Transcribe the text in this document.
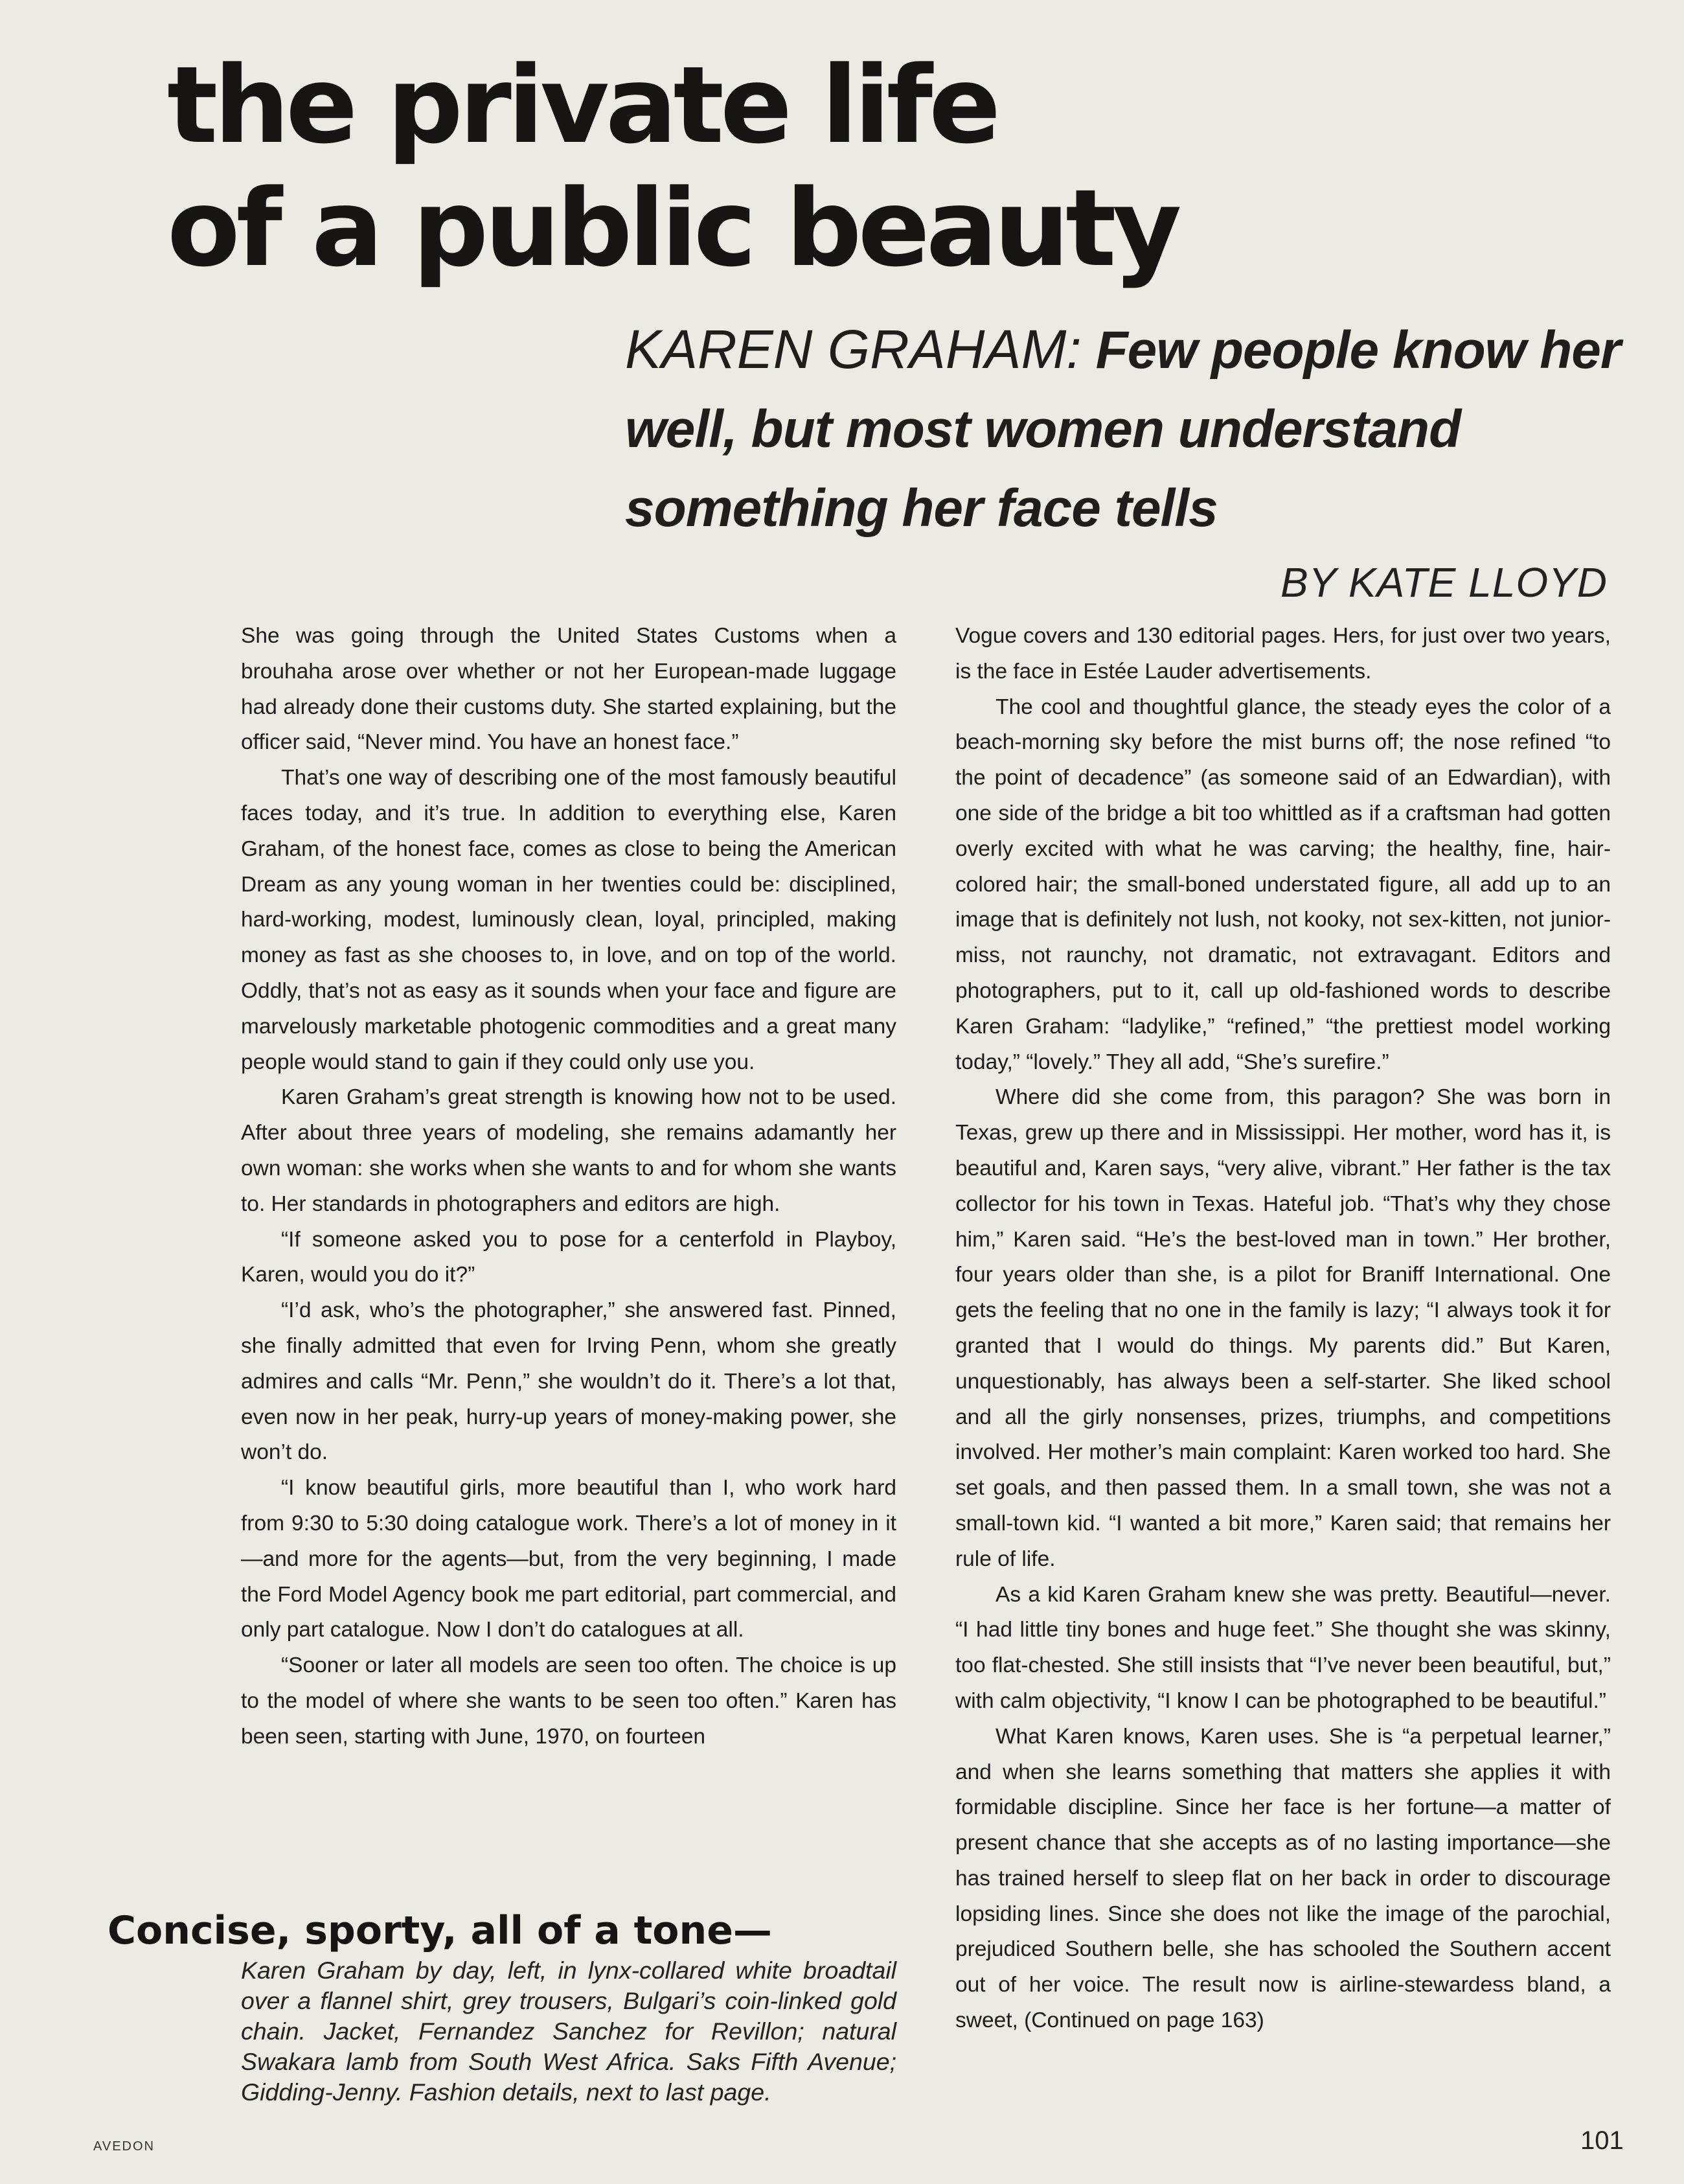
the private life
of a public beauty
KAREN GRAHAM: Few people know her well, but most women understand something her face tells
BY KATE LLOYD

She was going through the United States Customs when a brouhaha arose over whether or not her European-made luggage had already done their customs duty. She started explaining, but the officer said, “Never mind. You have an honest face.”

That’s one way of describing one of the most famously beautiful faces today, and it’s true. In addition to everything else, Karen Graham, of the honest face, comes as close to being the American Dream as any young woman in her twenties could be: disciplined, hard-working, modest, luminously clean, loyal, principled, making money as fast as she chooses to, in love, and on top of the world. Oddly, that’s not as easy as it sounds when your face and figure are marvelously marketable photogenic commodities and a great many people would stand to gain if they could only use you.

Karen Graham’s great strength is knowing how not to be used. After about three years of modeling, she remains adamantly her own woman: she works when she wants to and for whom she wants to. Her standards in photographers and editors are high.

“If someone asked you to pose for a centerfold in Playboy, Karen, would you do it?”

“I’d ask, who’s the photographer,” she answered fast. Pinned, she finally admitted that even for Irving Penn, whom she greatly admires and calls “Mr. Penn,” she wouldn’t do it. There’s a lot that, even now in her peak, hurry-up years of money-making power, she won’t do.

“I know beautiful girls, more beautiful than I, who work hard from 9:30 to 5:30 doing catalogue work. There’s a lot of money in it—and more for the agents—but, from the very beginning, I made the Ford Model Agency book me part editorial, part commercial, and only part catalogue. Now I don’t do catalogues at all.

“Sooner or later all models are seen too often. The choice is up to the model of where she wants to be seen too often.” Karen has been seen, starting with June, 1970, on fourteen

Vogue covers and 130 editorial pages. Hers, for just over two years, is the face in Estée Lauder advertisements.

The cool and thoughtful glance, the steady eyes the color of a beach-morning sky before the mist burns off; the nose refined “to the point of decadence” (as someone said of an Edwardian), with one side of the bridge a bit too whittled as if a craftsman had gotten overly excited with what he was carving; the healthy, fine, hair-colored hair; the small-boned understated figure, all add up to an image that is definitely not lush, not kooky, not sex-kitten, not junior-miss, not raunchy, not dramatic, not extravagant. Editors and photographers, put to it, call up old-fashioned words to describe Karen Graham: “ladylike,” “refined,” “the prettiest model working today,” “lovely.” They all add, “She’s surefire.”

Where did she come from, this paragon? She was born in Texas, grew up there and in Mississippi. Her mother, word has it, is beautiful and, Karen says, “very alive, vibrant.” Her father is the tax collector for his town in Texas. Hateful job. “That’s why they chose him,” Karen said. “He’s the best-loved man in town.” Her brother, four years older than she, is a pilot for Braniff International. One gets the feeling that no one in the family is lazy; “I always took it for granted that I would do things. My parents did.” But Karen, unquestionably, has always been a self-starter. She liked school and all the girly nonsenses, prizes, triumphs, and competitions involved. Her mother’s main complaint: Karen worked too hard. She set goals, and then passed them. In a small town, she was not a small-town kid. “I wanted a bit more,” Karen said; that remains her rule of life.

As a kid Karen Graham knew she was pretty. Beautiful—never. “I had little tiny bones and huge feet.” She thought she was skinny, too flat-chested. She still insists that “I’ve never been beautiful, but,” with calm objectivity, “I know I can be photographed to be beautiful.”

What Karen knows, Karen uses. She is “a perpetual learner,” and when she learns something that matters she applies it with formidable discipline. Since her face is her fortune—a matter of present chance that she accepts as of no lasting importance—she has trained herself to sleep flat on her back in order to discourage lopsiding lines. Since she does not like the image of the parochial, prejudiced Southern belle, she has schooled the Southern accent out of her voice. The result now is airline-stewardess bland, a sweet, (Continued on page 163)

Concise, sporty, all of a tone—
Karen Graham by day, left, in lynx-collared white broadtail over a flannel shirt, grey trousers, Bulgari’s coin-linked gold chain. Jacket, Fernandez Sanchez for Revillon; natural Swakara lamb from South West Africa. Saks Fifth Avenue; Gidding-Jenny. Fashion details, next to last page.
AVEDON	101
